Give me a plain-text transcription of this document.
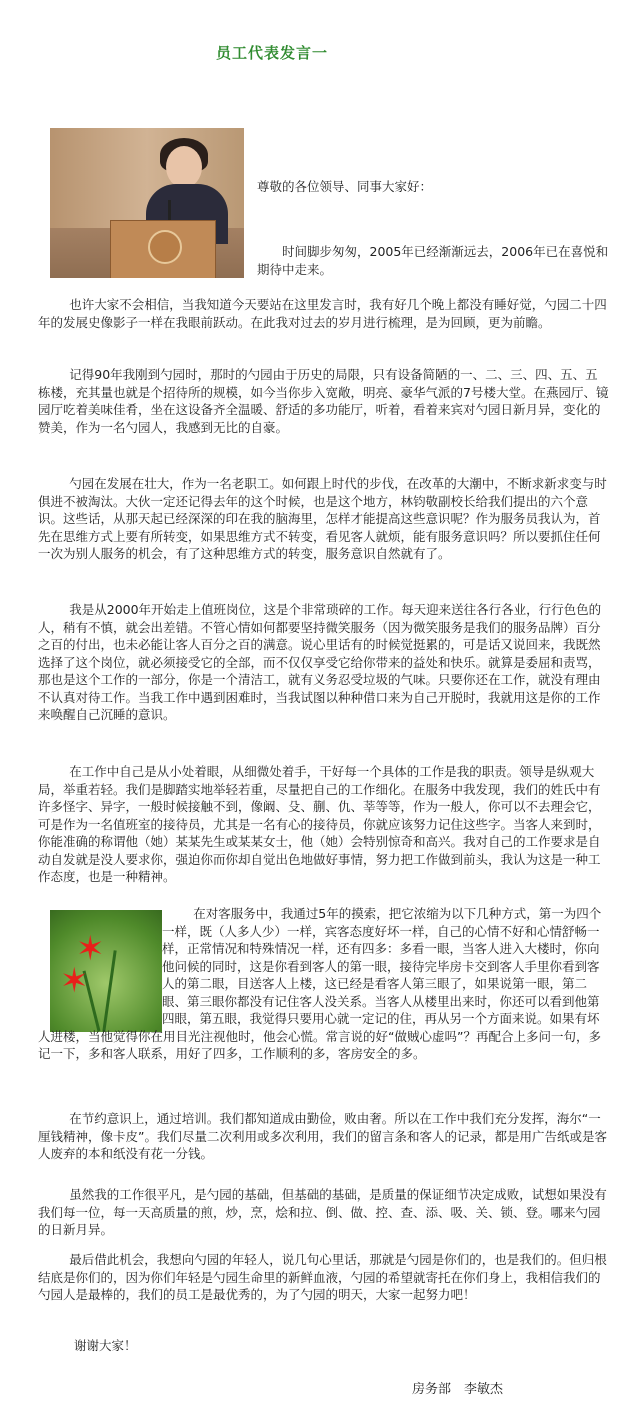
员工代表发言一
尊敬的各位领导、同事大家好：
时间脚步匆匆，2005年已经渐渐远去，2006年已在喜悦和期待中走来。
也许大家不会相信，当我知道今天要站在这里发言时，我有好几个晚上都没有睡好觉，勺园二十四年的发展史像影子一样在我眼前跃动。在此我对过去的岁月进行梳理，是为回顾，更为前瞻。
记得90年我刚到勺园时，那时的勺园由于历史的局限，只有设备简陋的一、二、三、四、五、五栋楼，充其量也就是个招待所的规模，如今当你步入宽敞，明亮、豪华气派的7号楼大堂。在燕园厅、镜园厅吃着美味佳肴，坐在这设备齐全温暖、舒适的多功能厅，听着，看着来宾对勺园日新月异，变化的赞美，作为一名勺园人，我感到无比的自豪。
勺园在发展在壮大，作为一名老职工。如何跟上时代的步伐，在改革的大潮中，不断求新求变与时俱进不被淘汰。大伙一定还记得去年的这个时候，也是这个地方，林钧敬副校长给我们提出的六个意识。这些话，从那天起已经深深的印在我的脑海里，怎样才能提高这些意识呢？作为服务员我认为，首先在思维方式上要有所转变，如果思维方式不转变，看见客人就烦，能有服务意识吗？所以要抓住任何一次为别人服务的机会，有了这种思维方式的转变，服务意识自然就有了。
我是从2000年开始走上值班岗位，这是个非常琐碎的工作。每天迎来送往各行各业，行行色色的人，稍有不慎，就会出差错。不管心情如何都要坚持微笑服务（因为微笑服务是我们的服务品牌）百分之百的付出，也未必能让客人百分之百的满意。说心里话有的时候觉挺累的，可是话又说回来，我既然选择了这个岗位，就必须接受它的全部，而不仅仅享受它给你带来的益处和快乐。就算是委屈和责骂，那也是这个工作的一部分，你是一个清洁工，就有义务忍受垃圾的气味。只要你还在工作，就没有理由不认真对待工作。当我工作中遇到困难时，当我试图以种种借口来为自己开脱时，我就用这是你的工作来唤醒自己沉睡的意识。
在工作中自己是从小处着眼，从细微处着手，干好每一个具体的工作是我的职责。领导是纵观大局，举重若轻。我们是脚踏实地举轻若重，尽量把自己的工作细化。在服务中我发现，我们的姓氏中有许多怪字、异字，一般时候接触不到，像阚、殳、蒯、仇、莘等等，作为一般人，你可以不去理会它，可是作为一名值班室的接待员，尤其是一名有心的接待员，你就应该努力记住这些字。当客人来到时，你能准确的称谓他（她）某某先生或某某女士，他（她）会特别惊奇和高兴。我对自己的工作要求是自动自发就是没人要求你，强迫你而你却自觉出色地做好事情，努力把工作做到前头，我认为这是一种工作态度，也是一种精神。
✶
✶
在对客服务中，我通过5年的摸索，把它浓缩为以下几种方式，第一为四个一样，既（人多人少）一样，宾客态度好坏一样，自己的心情不好和心情舒畅一样，正常情况和特殊情况一样，还有四多：多看一眼，当客人进入大楼时，你向他问候的同时，这是你看到客人的第一眼，接待完毕房卡交到客人手里你看到客人的第二眼，目送客人上楼，这已经是看客人第三眼了，如果说第一眼，第二眼、第三眼你都没有记住客人没关系。当客人从楼里出来时，你还可以看到他第四眼，第五眼，我觉得只要用心就一定记的住，再从另一个方面来说。如果有坏人进楼，当他觉得你在用目光注视他时，他会心慌。常言说的好“做贼心虚吗”？再配合上多问一句，多记一下，多和客人联系，用好了四多，工作顺利的多，客房安全的多。
在节约意识上，通过培训。我们都知道成由勤俭，败由奢。所以在工作中我们充分发挥，海尔“一厘钱精神，像卡皮”。我们尽量二次利用或多次利用，我们的留言条和客人的记录，都是用广告纸或是客人废弃的本和纸没有花一分钱。
虽然我的工作很平凡，是勺园的基础，但基础的基础，是质量的保证细节决定成败，试想如果没有我们每一位，每一天高质量的煎，炒，烹，烩和拉、倒、做、控、查、添、吸、关、锁、登。哪来勺园的日新月异。
最后借此机会，我想向勺园的年轻人，说几句心里话，那就是勺园是你们的，也是我们的。但归根结底是你们的，因为你们年轻是勺园生命里的新鲜血液，勺园的希望就寄托在你们身上，我相信我们的勺园人是最棒的，我们的员工是最优秀的，为了勺园的明天，大家一起努力吧！
谢谢大家！
房务部　李敏杰
